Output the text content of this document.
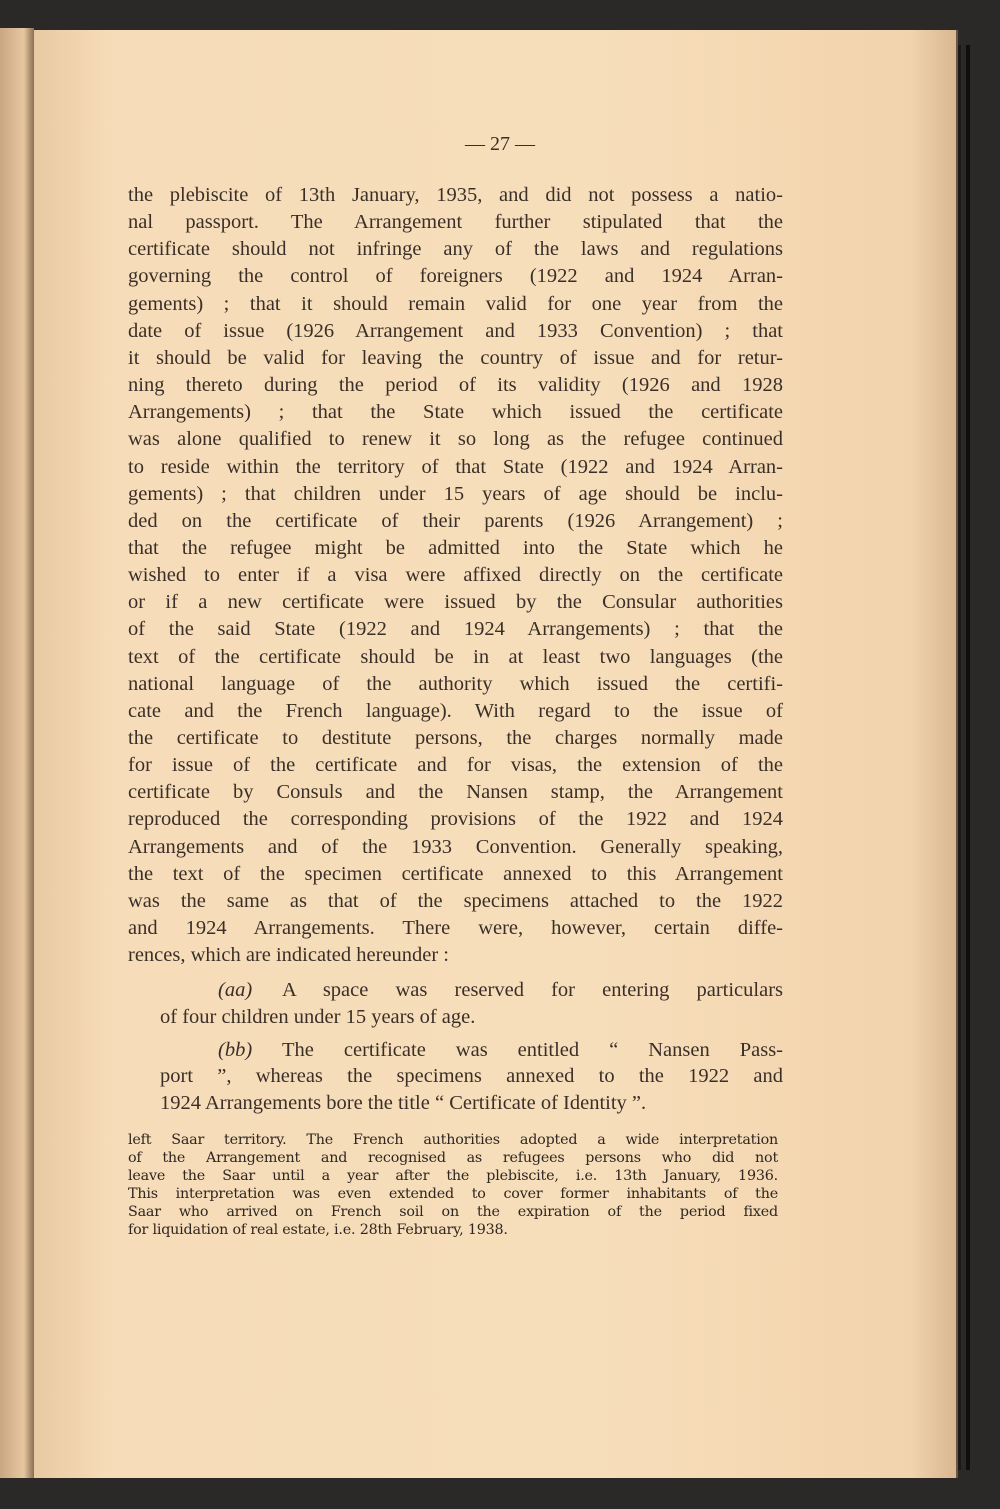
— 27 —
the plebiscite of 13th January, 1935, and did not possess a natio-
nal passport. The Arrangement further stipulated that the
certificate should not infringe any of the laws and regulations
governing the control of foreigners (1922 and 1924 Arran-
gements) ; that it should remain valid for one year from the
date of issue (1926 Arrangement and 1933 Convention) ; that
it should be valid for leaving the country of issue and for retur-
ning thereto during the period of its validity (1926 and 1928
Arrangements) ; that the State which issued the certificate
was alone qualified to renew it so long as the refugee continued
to reside within the territory of that State (1922 and 1924 Arran-
gements) ; that children under 15 years of age should be inclu-
ded on the certificate of their parents (1926 Arrangement) ;
that the refugee might be admitted into the State which he
wished to enter if a visa were affixed directly on the certificate
or if a new certificate were issued by the Consular authorities
of the said State (1922 and 1924 Arrangements) ; that the
text of the certificate should be in at least two languages (the
national language of the authority which issued the certifi-
cate and the French language). With regard to the issue of
the certificate to destitute persons, the charges normally made
for issue of the certificate and for visas, the extension of the
certificate by Consuls and the Nansen stamp, the Arrangement
reproduced the corresponding provisions of the 1922 and 1924
Arrangements and of the 1933 Convention. Generally speaking,
the text of the specimen certificate annexed to this Arrangement
was the same as that of the specimens attached to the 1922
and 1924 Arrangements. There were, however, certain diffe-
rences, which are indicated hereunder :
(aa) A space was reserved for entering particulars
of four children under 15 years of age.
(bb) The certificate was entitled “ Nansen Pass-
port ”, whereas the specimens annexed to the 1922 and
1924 Arrangements bore the title “ Certificate of Identity ”.
left Saar territory. The French authorities adopted a wide interpretation
of the Arrangement and recognised as refugees persons who did not
leave the Saar until a year after the plebiscite, i.e. 13th January, 1936.
This interpretation was even extended to cover former inhabitants of the
Saar who arrived on French soil on the expiration of the period fixed
for liquidation of real estate, i.e. 28th February, 1938.
